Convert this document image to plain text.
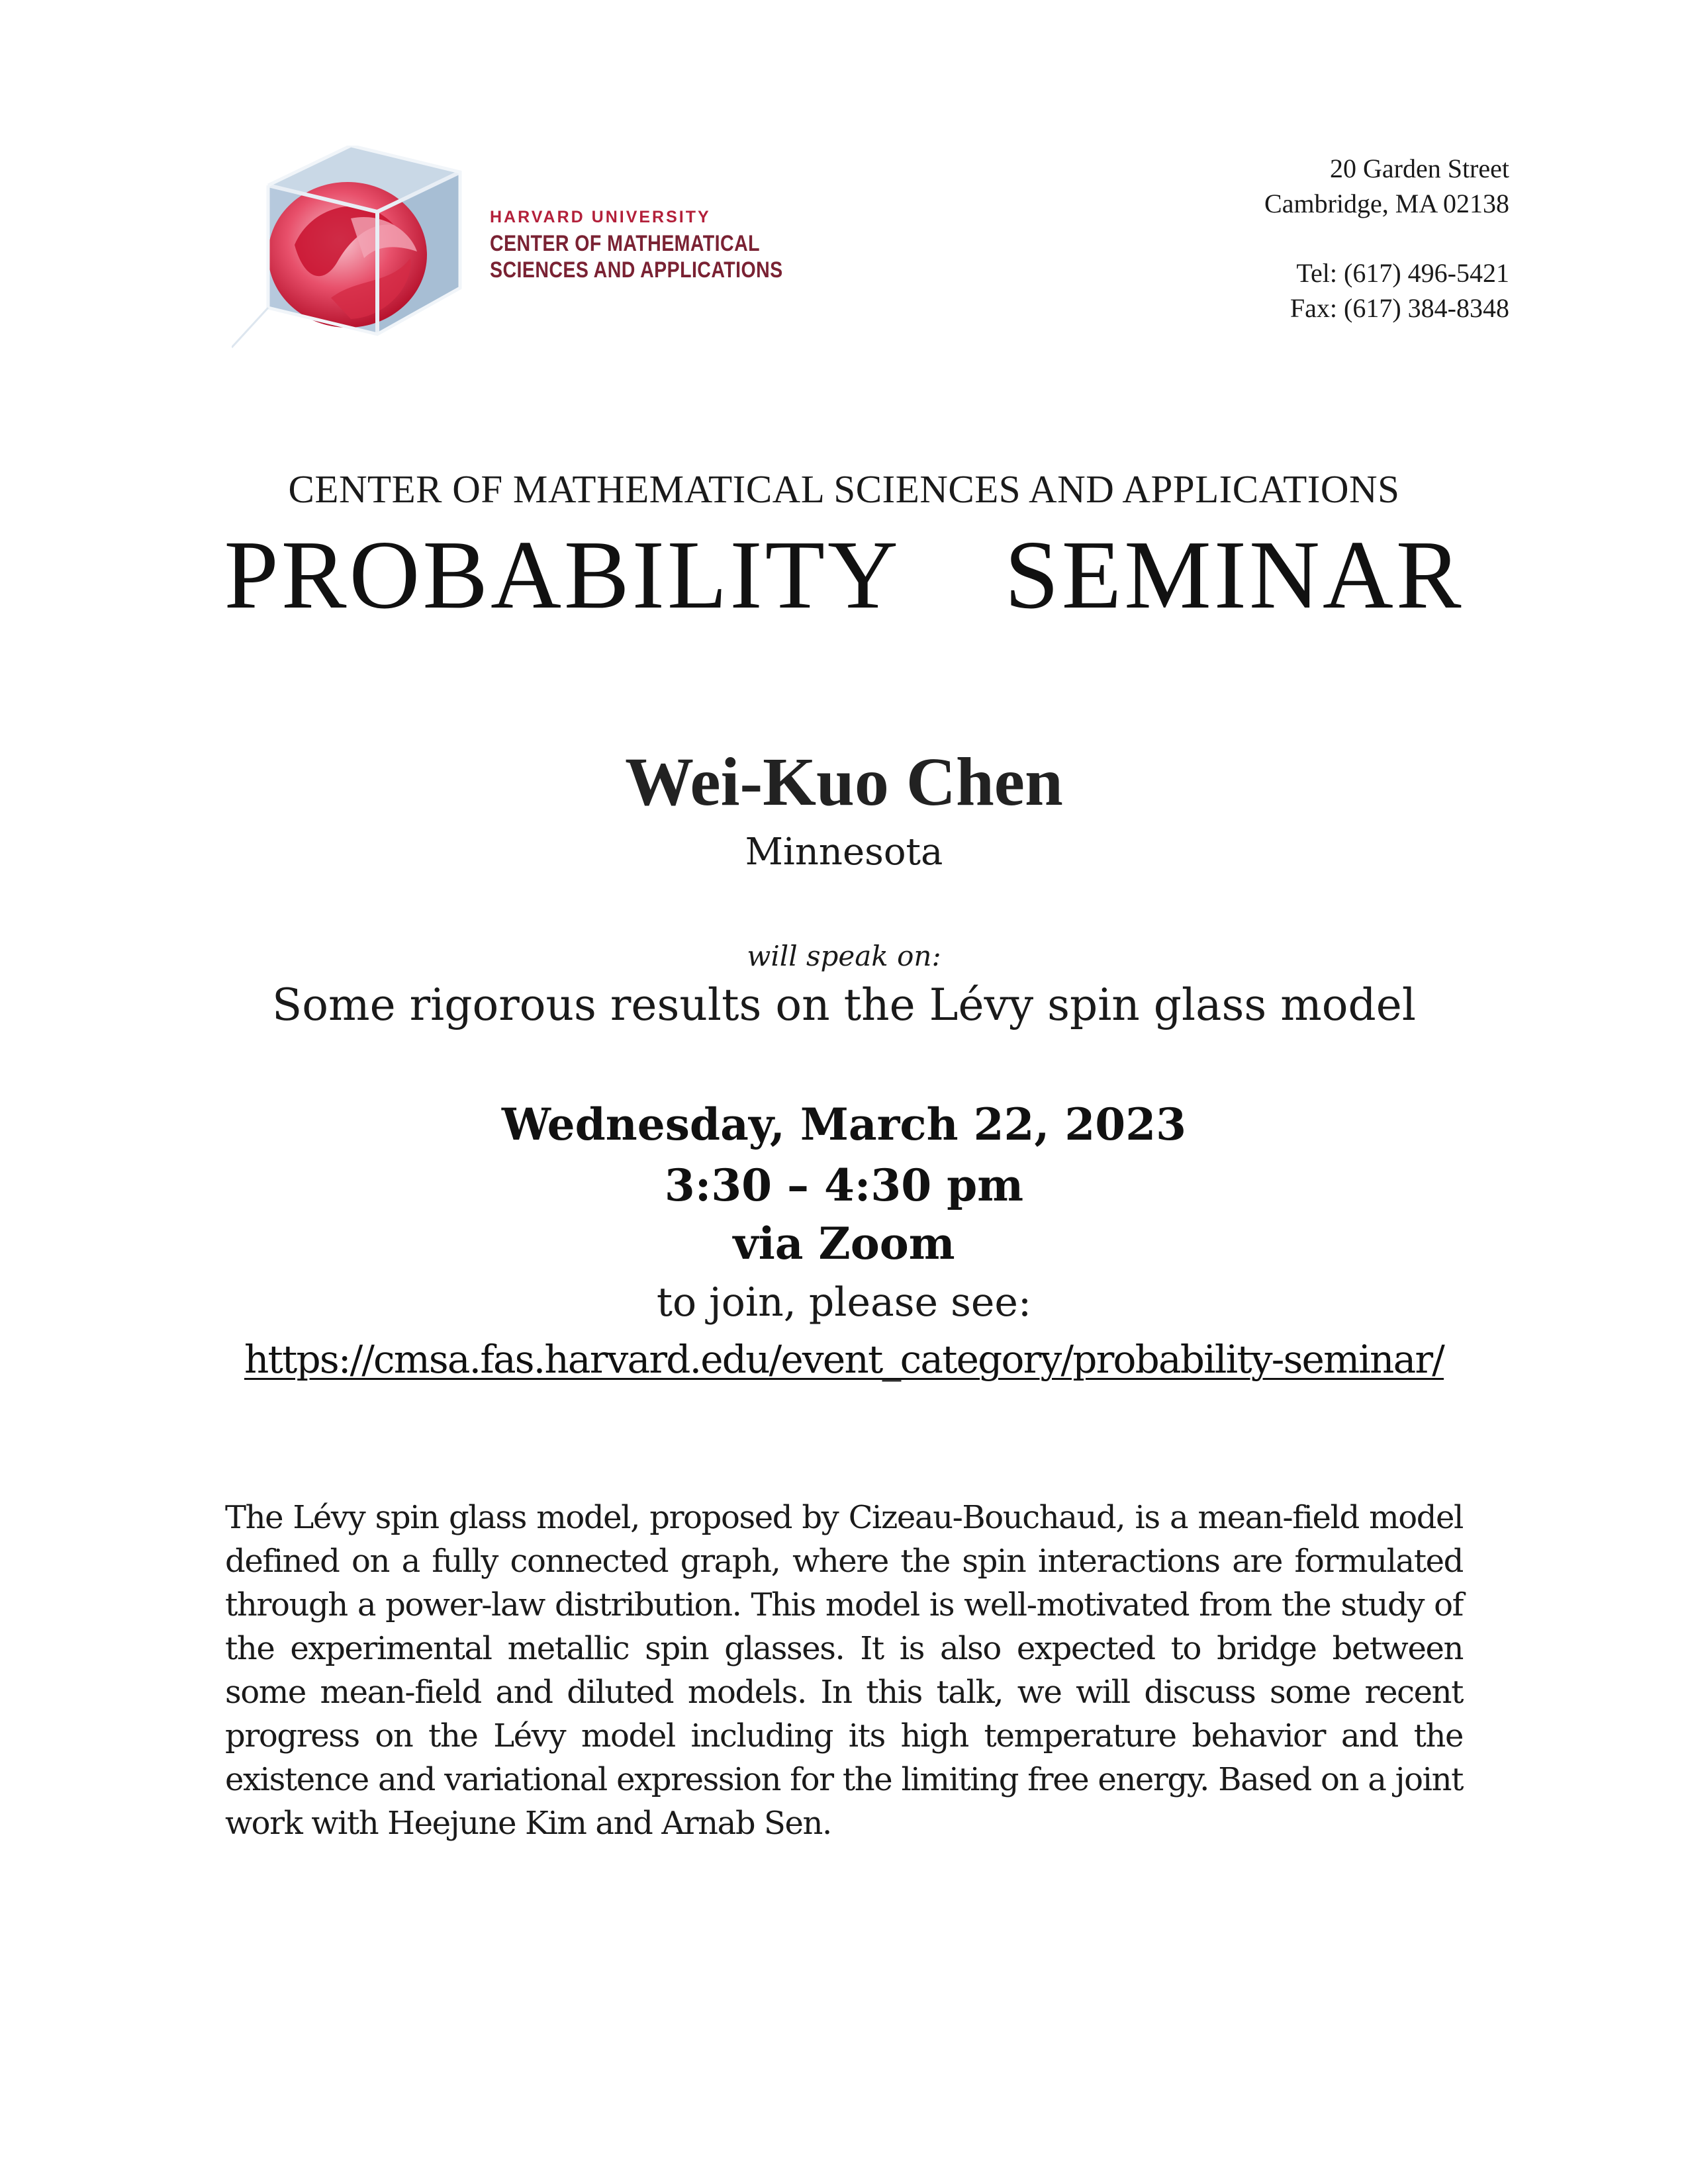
HARVARD UNIVERSITY
CENTER OF MATHEMATICAL
SCIENCES AND APPLICATIONS
20 Garden Street
Cambridge, MA 02138
Tel: (617) 496-5421
Fax: (617) 384-8348
CENTER OF MATHEMATICAL SCIENCES AND APPLICATIONS
PROBABILITY  SEMINAR
Wei-Kuo Chen
Minnesota
will speak on:
Some rigorous results on the Lévy spin glass model
Wednesday, March 22, 2023
3:30 – 4:30 pm
via Zoom
to join, please see:
https://cmsa.fas.harvard.edu/event_category/probability-seminar/
The Lévy spin glass model, proposed by Cizeau-Bouchaud, is a mean-field model defined on a fully connected graph, where the spin interactions are formulated through a power-law distribution. This model is well-motivated from the study of the experimental metallic spin glasses. It is also expected to bridge between some mean-field and diluted models. In this talk, we will discuss some recent progress on the Lévy model including its high temperature behavior and the existence and variational expression for the limiting free energy. Based on a joint work with Heejune Kim and Arnab Sen.
